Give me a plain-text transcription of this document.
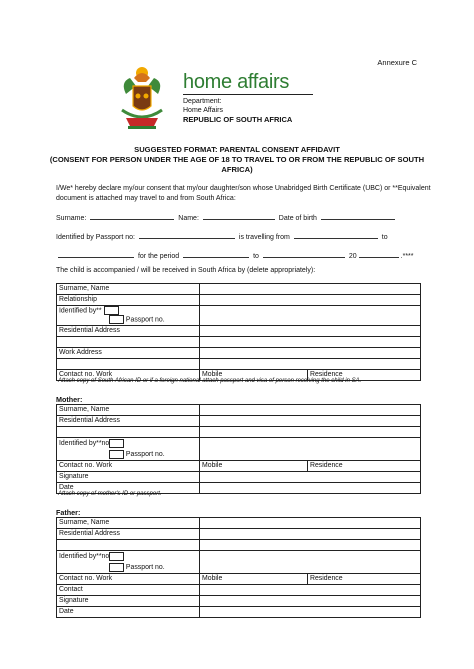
Annexure C
home affairs
Department:
Home Affairs
REPUBLIC OF SOUTH AFRICA
SUGGESTED FORMAT: PARENTAL CONSENT AFFIDAVIT
(CONSENT FOR PERSON UNDER THE AGE OF 18 TO TRAVEL TO OR FROM THE REPUBLIC OF SOUTH AFRICA)
I/We* hereby declare my/our consent that my/our daughter/son whose Unabridged Birth Certificate (UBC) or **Equivalent document is attached may travel to and from South Africa:
Surname:	Name:	Date of birth
Identified by Passport no:	is travelling from	to
for the period	to	20	.****
The child is accompanied / will be received in South Africa by (delete appropriately):
Surname, Name		
Relationship		
Identified by**
Passport no.		
Residential Address		

Work Address		

Contact no. Work	Mobile	Residence
Attach copy of South African ID or if a foreign national attach passport and visa of person receiving the child in SA.
Mother:
Surname, Name		
Residential Address		

Identified by**no
Passport no.		
Contact no. Work	Mobile	Residence
Signature		
Date		
Attach copy of mother's ID or passport.
Father:
Surname, Name		
Residential Address		

Identified by**no
Passport no.		
Contact no. Work	Mobile	Residence
Contact		
Signature		
Date		
